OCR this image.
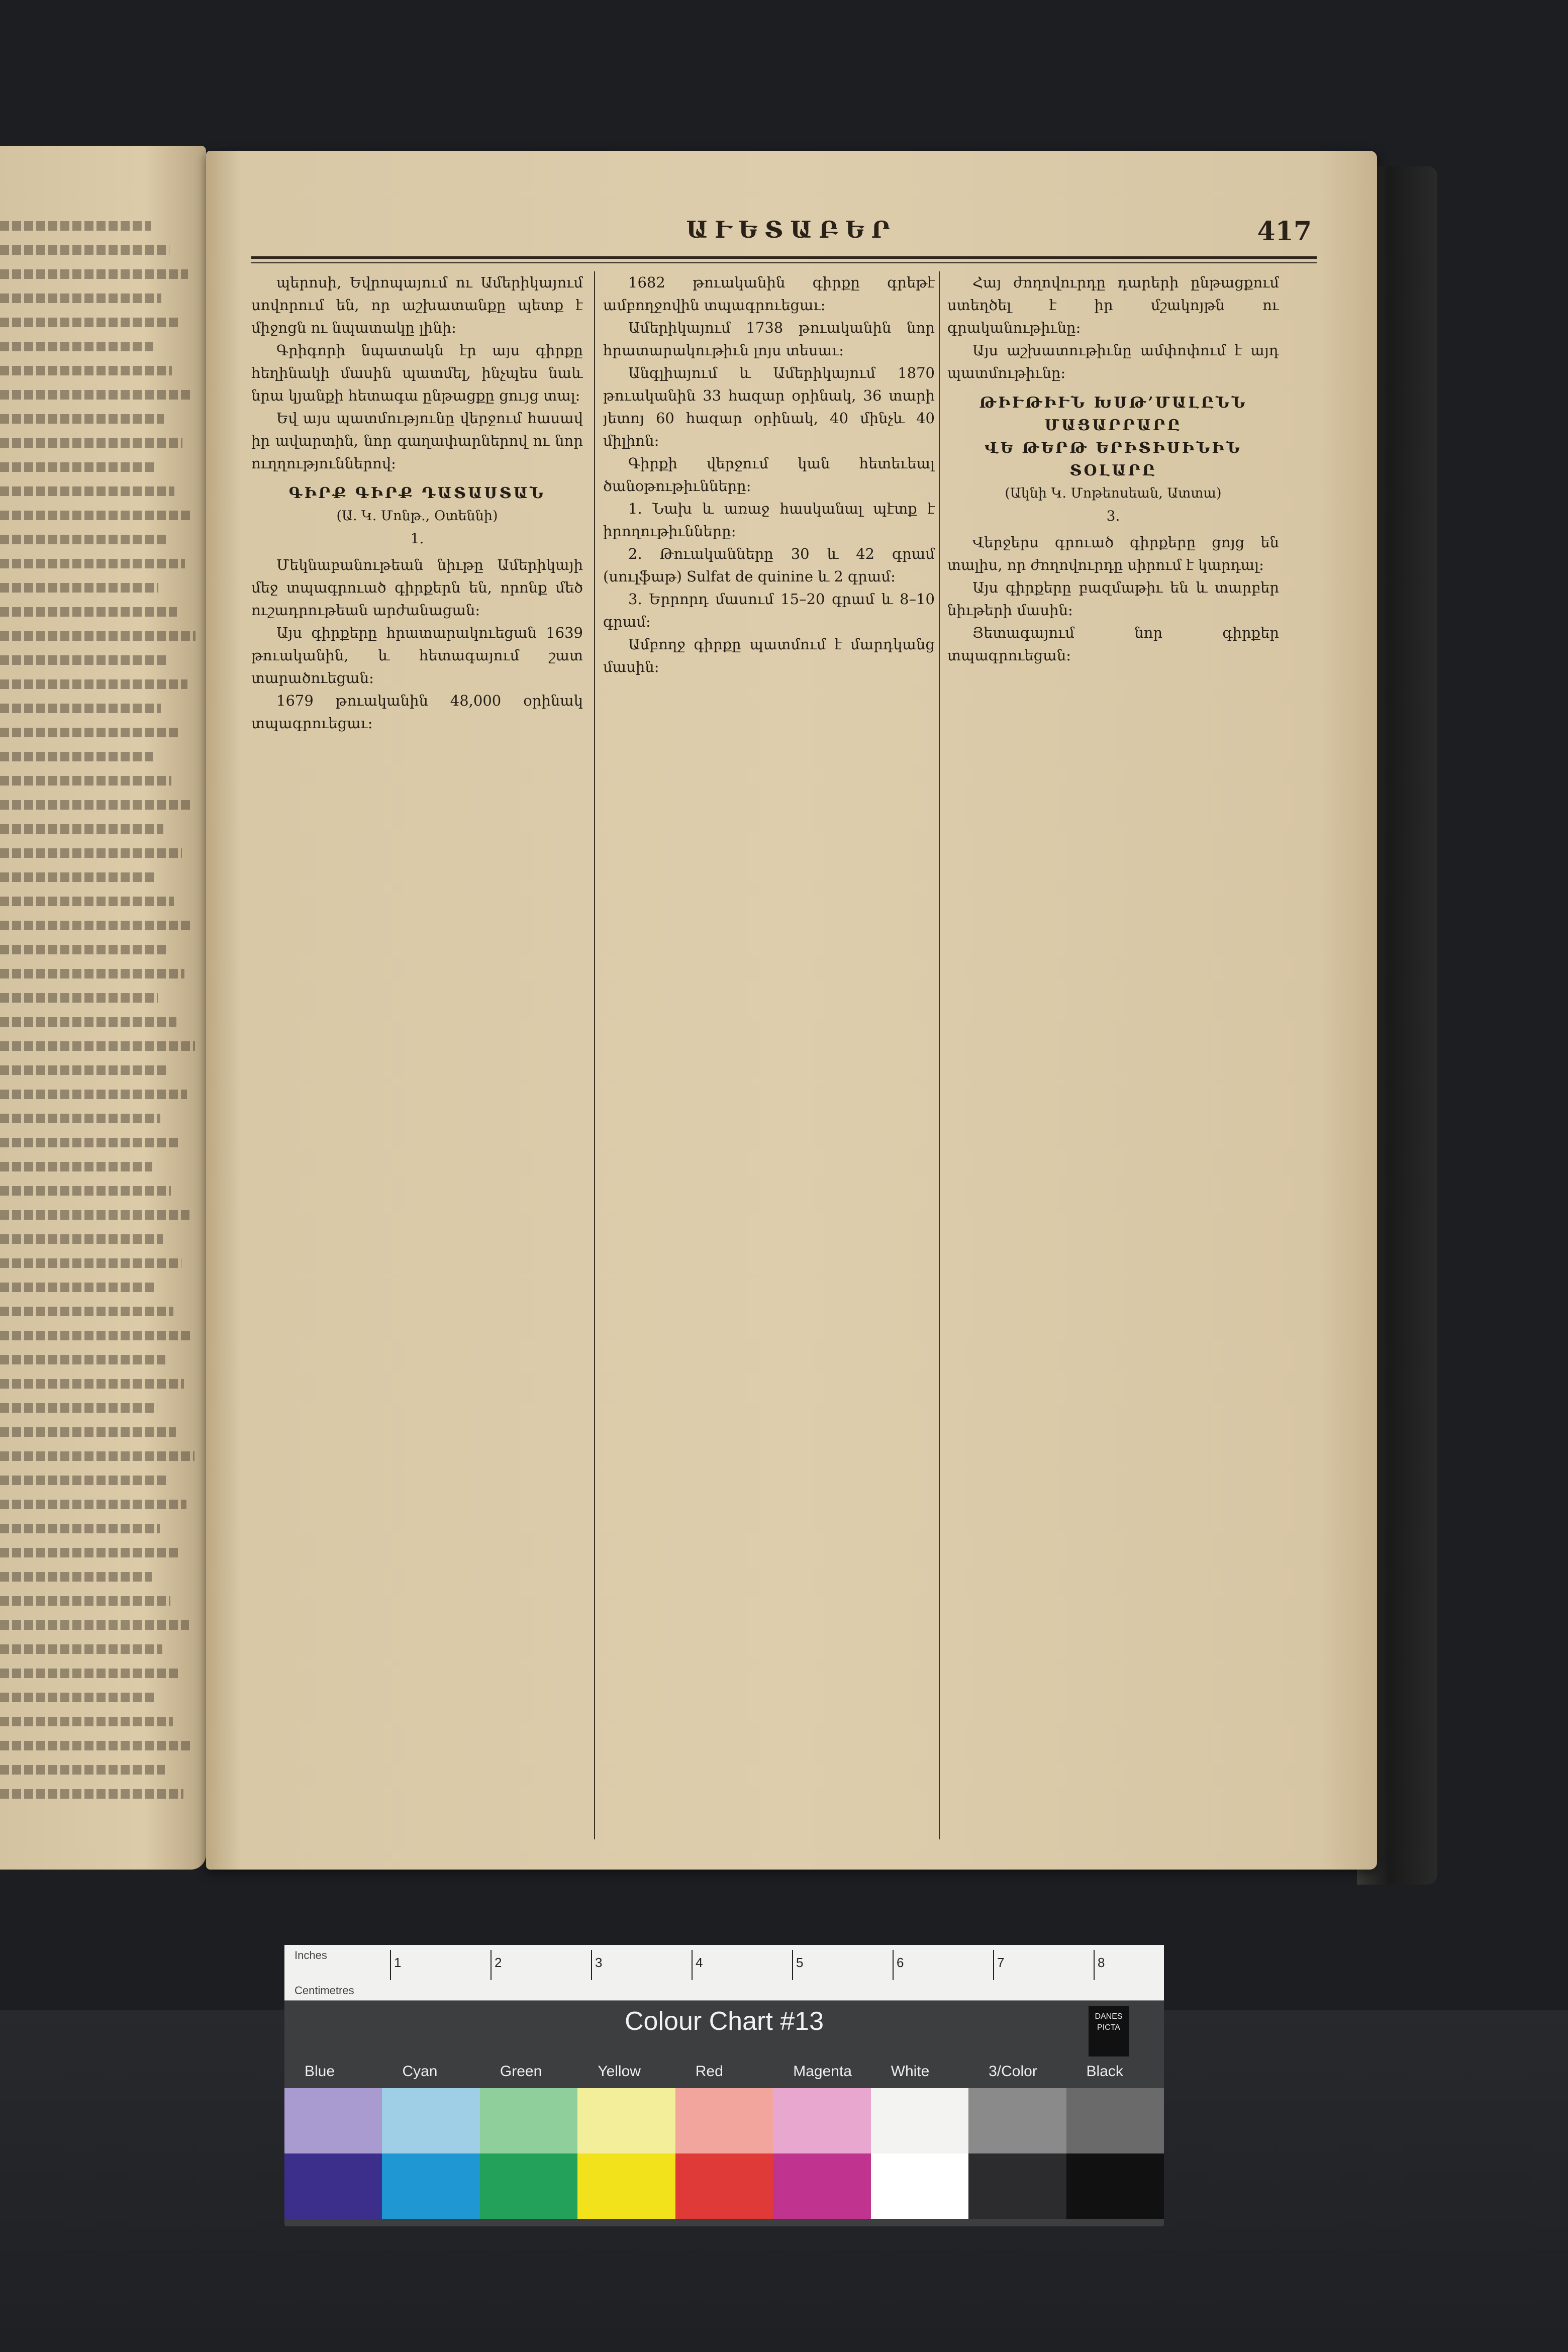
ԱՒԵՏԱԲԵՐ	417

պերոսի, Եվրոպայում ու Ամերիկայում սովորում են, որ աշխատանքը պետք է միջոցն ու նպատակը լինի։

Գրիգորի նպատակն էր այս գիրքը հեղինակի մասին պատմել, ինչպես նաև նրա կյանքի հետագա ընթացքը ցույց տալ։

Եվ այս պատմությունը վերջում հասավ իր ավարտին, նոր գաղափարներով ու նոր ուղղություններով։

ԳԻՐՔ ԳԻՐՔ ԴԱՏԱՍՏԱՆ
(Ա. Կ. Մոնթ., Օտեննի)
1.

Մեկնաբանութեան նիւթը Ամերիկայի մեջ տպագրուած գիրքերն են, որոնք մեծ ուշադրութեան արժանացան։

Այս գիրքերը հրատարակուեցան 1639 թուականին, և հետագայում շատ տարածուեցան։

1679 թուականին 48,000 օրինակ տպագրուեցաւ։

1682 թուականին գիրքը գրեթէ ամբողջովին տպագրուեցաւ։

Ամերիկայում 1738 թուականին նոր հրատարակութիւն լոյս տեսաւ։

Անգլիայում և Ամերիկայում 1870 թուականին 33 հազար օրինակ, 36 տարի յետոյ 60 հազար օրինակ, 40 մինչև 40 միլիոն։

Գիրքի վերջում կան հետեւեալ ծանօթութիւնները։

1. Նախ և առաջ հասկանալ պէտք է իրողութիւնները։

2. Թուականները 30 և 42 գրամ (սուլֆաթ) Sulfat de quinine և 2 գրամ։

3. Երրորդ մասում 15–20 գրամ և 8–10 գրամ։

Ամբողջ գիրքը պատմում է մարդկանց մասին։

Հայ ժողովուրդը դարերի ընթացքում ստեղծել է իր մշակոյթն ու գրականութիւնը։

Այս աշխատութիւնը ամփոփում է այդ պատմութիւնը։

ԹԻՒԹԻՒՆ ԽՍԹ’ՄԱԼԸՆՆ ՄԱՑԱՐՐԱՐԸ
ՎԵ ԹԵՐԹ ԵՐԻՏԻՍԻՆԻՆ ՏՕԼԱՐԸ
(Ակնի Կ. Մոթեոսեան, Ատտա)
3.

Վերջերս գրուած գիրքերը ցոյց են տալիս, որ ժողովուրդը սիրում է կարդալ։

Այս գիրքերը բազմաթիւ են և տարբեր նիւթերի մասին։

Յետագայում նոր գիրքեր տպագրուեցան։

Inches
Centimetres
1	2	3	4	5	6	7	8
Colour Chart #13	DANES PICTA
Blue	Cyan	Green	Yellow	Red	Magenta	White	3/Color	Black
